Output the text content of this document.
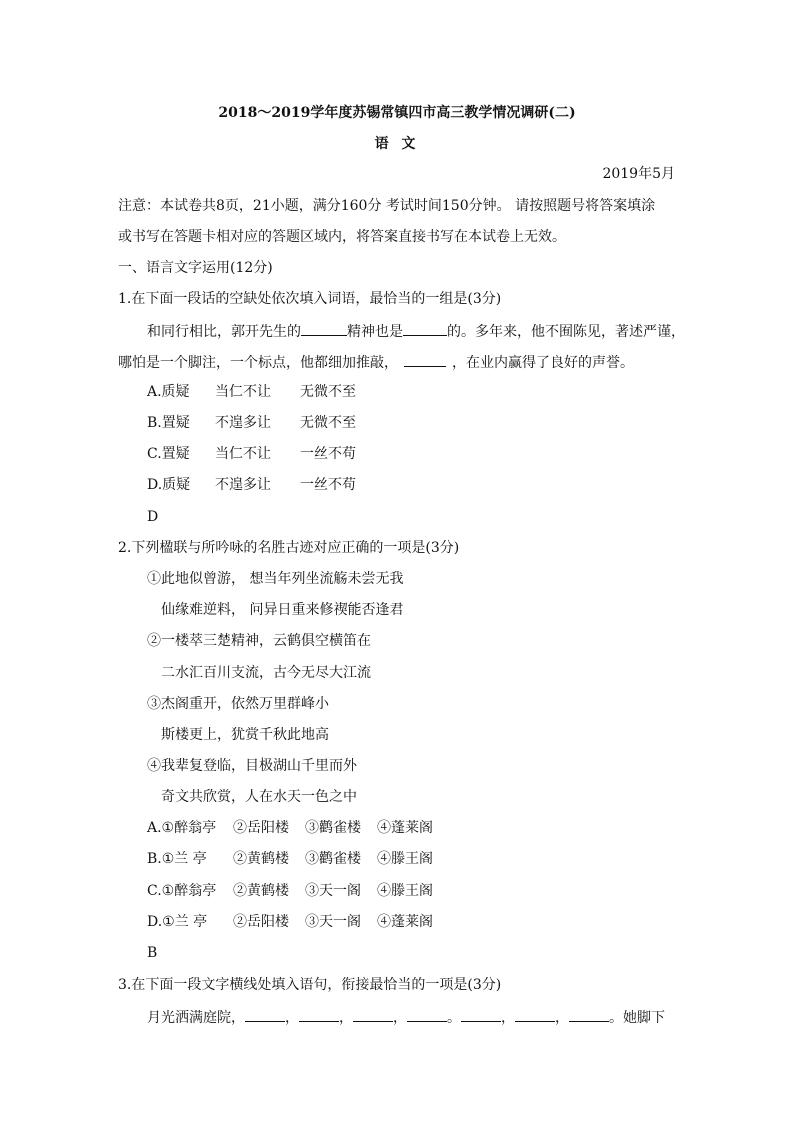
2018～2019学年度苏锡常镇四市高三教学情况调研(二)
语 文
2019年5月
注意：本试卷共8页，21小题，满分160分 考试时间150分钟。 请按照题号将答案填涂
或书写在答题卡相对应的答题区域内，将答案直接书写在本试卷上无效。
一、语言文字运用(12分)
1.在下面一段话的空缺处依次填入词语，最恰当的一组是(3分)
和同行相比，郭开先生的	精神也是	的。多年来，他不囿陈见，著述严谨，
哪怕是一个脚注，一个标点，他都细加推敲，	，在业内赢得了良好的声誉。
A.质疑 当仁不让 无微不至
B.置疑 不遑多让 无微不至
C.置疑 当仁不让 一丝不苟
D.质疑 不遑多让 一丝不苟
D
2.下列楹联与所吟咏的名胜古迹对应正确的一项是(3分)
①此地似曾游， 想当年列坐流觞未尝无我
仙缘难逆料， 问异日重来修禊能否逢君
②一楼萃三楚精神，云鹤俱空横笛在
二水汇百川支流，古今无尽大江流
③杰阁重开，依然万里群峰小
斯楼更上，犹赏千秋此地高
④我辈复登临，目极湖山千里而外
奇文共欣赏，人在水天一色之中
A.①醉翁亭 ②岳阳楼 ③鹳雀楼 ④蓬莱阁
B.①兰 亭 ②黄鹤楼 ③鹳雀楼 ④滕王阁
C.①醉翁亭 ②黄鹤楼 ③天一阁 ④滕王阁
D.①兰 亭 ②岳阳楼 ③天一阁 ④蓬莱阁
B
3.在下面一段文字横线处填入语句，衔接最恰当的一项是(3分)
月光洒满庭院，	，	，	，	。	，	，	。她脚下
